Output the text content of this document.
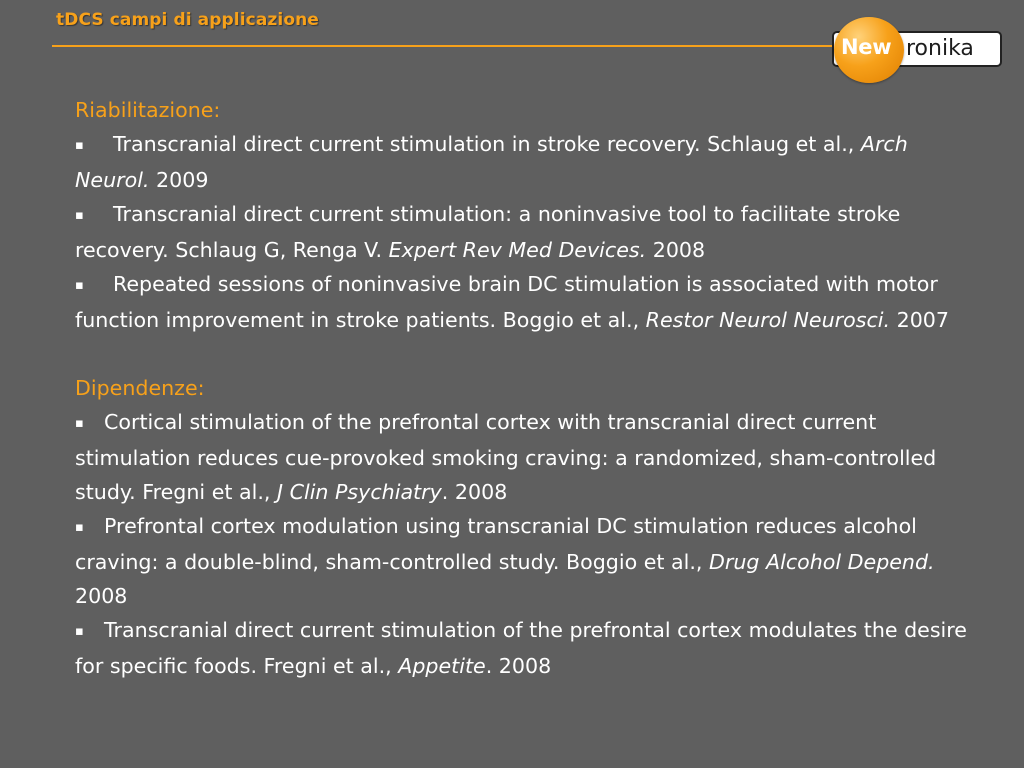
tDCS campi di applicazione
New ronika
Riabilitazione:
▪ Transcranial direct current stimulation in stroke recovery. Schlaug et al., Arch Neurol. 2009
▪ Transcranial direct current stimulation: a noninvasive tool to facilitate stroke recovery. Schlaug G, Renga V. Expert Rev Med Devices. 2008
▪ Repeated sessions of noninvasive brain DC stimulation is associated with motor function improvement in stroke patients. Boggio et al., Restor Neurol Neurosci. 2007
Dipendenze:
▪ Cortical stimulation of the prefrontal cortex with transcranial direct current stimulation reduces cue-provoked smoking craving: a randomized, sham-controlled study. Fregni et al., J Clin Psychiatry. 2008
▪ Prefrontal cortex modulation using transcranial DC stimulation reduces alcohol craving: a double-blind, sham-controlled study. Boggio et al., Drug Alcohol Depend. 2008
▪ Transcranial direct current stimulation of the prefrontal cortex modulates the desire for specific foods. Fregni et al., Appetite. 2008
